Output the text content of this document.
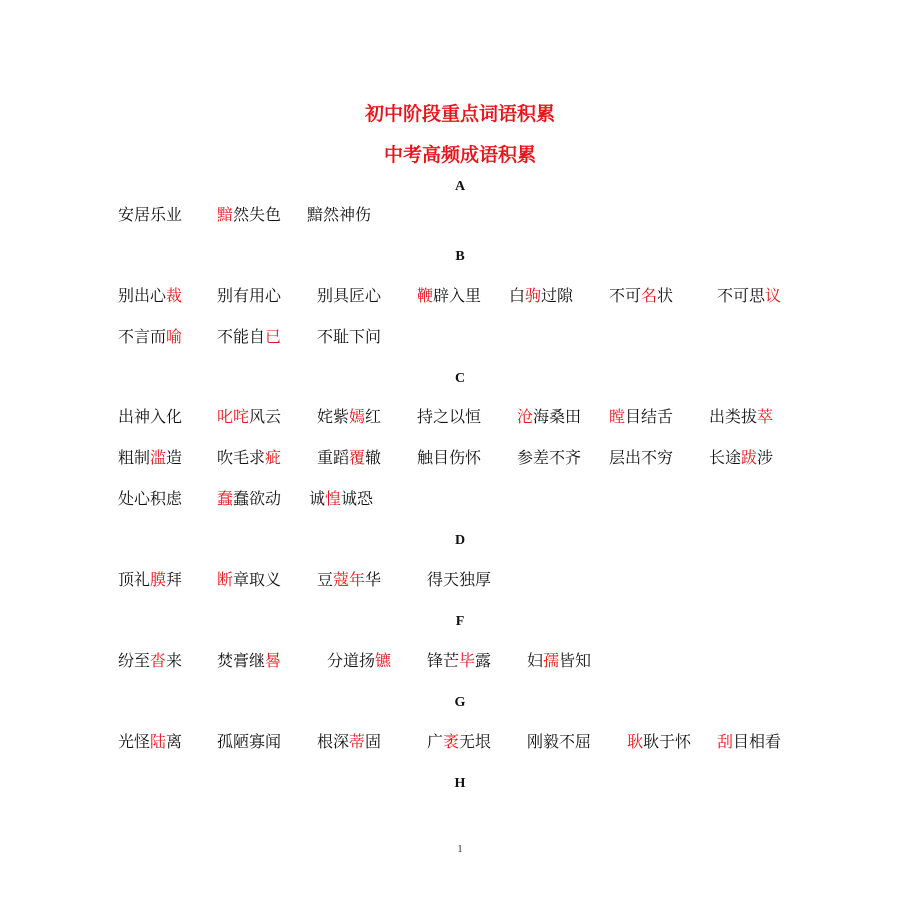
初中阶段重点词语积累
中考高频成语积累
A
安居乐业 黯然失色 黯然神伤
B
别出心裁 别有用心 别具匠心 鞭辟入里 白驹过隙 不可名状	不可思议
不言而喻 不能自已 不耻下问
C
出神入化 叱咤风云 姹紫嫣红 持之以恒 沧海桑田 瞠目结舌 出类拔萃
粗制滥造 吹毛求疵 重蹈覆辙 触目伤怀 参差不齐 层出不穷 长途跋涉
处心积虑 蠢蠢欲动 诚惶诚恐
D
顶礼膜拜 断章取义 豆蔻年华	得天独厚
F
纷至沓来 焚膏继晷	分道扬镳 锋芒毕露 妇孺皆知
G
光怪陆离 孤陋寡闻 根深蒂固	广袤无垠 刚毅不屈 耿耿于怀 刮目相看
H
1
